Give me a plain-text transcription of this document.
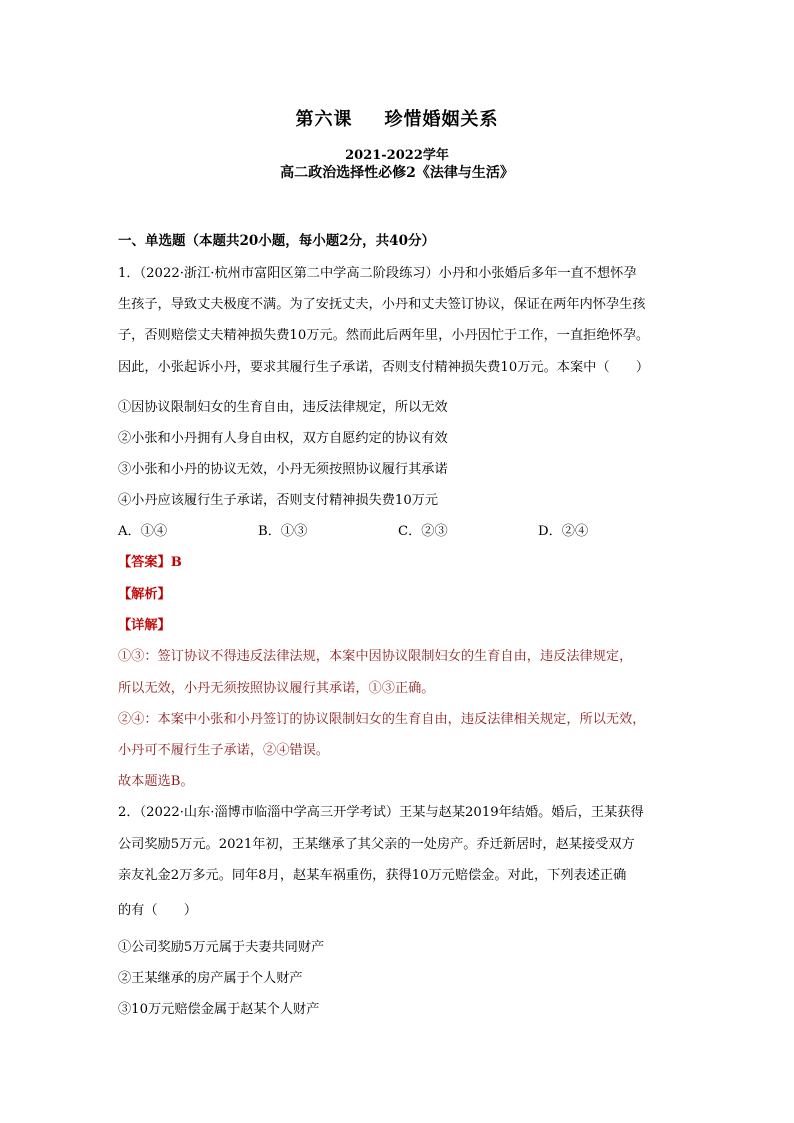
第六课 珍惜婚姻关系
2021-2022学年
高二政治选择性必修2《法律与生活》
一、单选题（本题共20小题，每小题2分，共40分）
1．（2022·浙江·杭州市富阳区第二中学高二阶段练习）小丹和小张婚后多年一直不想怀孕
生孩子，导致丈夫极度不满。为了安抚丈夫，小丹和丈夫签订协议，保证在两年内怀孕生孩
子，否则赔偿丈夫精神损失费10万元。然而此后两年里，小丹因忙于工作，一直拒绝怀孕。
因此，小张起诉小丹，要求其履行生子承诺，否则支付精神损失费10万元。本案中（　　）
①因协议限制妇女的生育自由，违反法律规定，所以无效
②小张和小丹拥有人身自由权，双方自愿约定的协议有效
③小张和小丹的协议无效，小丹无须按照协议履行其承诺
④小丹应该履行生子承诺，否则支付精神损失费10万元
A．①④	B．①③	C．②③	D．②④
【答案】B
【解析】
【详解】
①③：签订协议不得违反法律法规，本案中因协议限制妇女的生育自由，违反法律规定，
所以无效，小丹无须按照协议履行其承诺，①③正确。
②④：本案中小张和小丹签订的协议限制妇女的生育自由，违反法律相关规定，所以无效，
小丹可不履行生子承诺，②④错误。
故本题选B。
2．（2022·山东·淄博市临淄中学高三开学考试）王某与赵某2019年结婚。婚后，王某获得
公司奖励5万元。2021年初，王某继承了其父亲的一处房产。乔迁新居时，赵某接受双方
亲友礼金2万多元。同年8月，赵某车祸重伤，获得10万元赔偿金。对此，下列表述正确
的有（　　）
①公司奖励5万元属于夫妻共同财产
②王某继承的房产属于个人财产
③10万元赔偿金属于赵某个人财产
